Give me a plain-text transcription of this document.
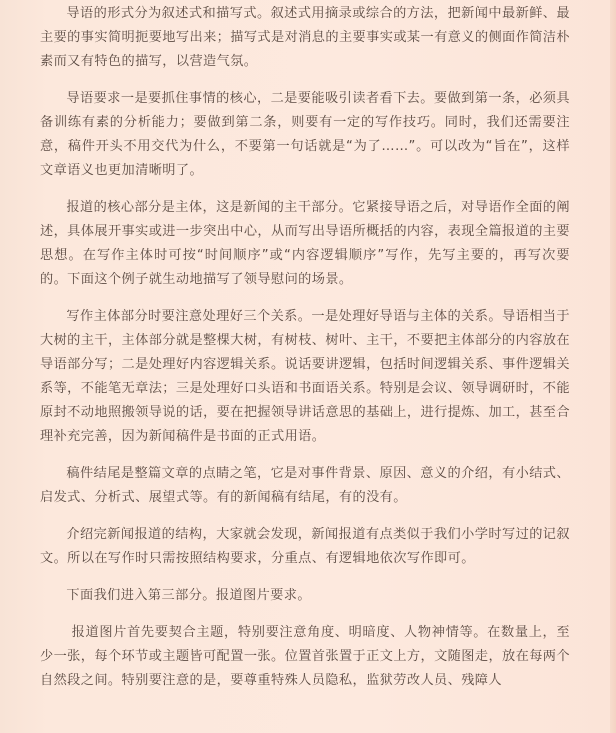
导语的形式分为叙述式和描写式。叙述式用摘录或综合的方法，把新闻中最新鲜、最主要的事实简明扼要地写出来；描写式是对消息的主要事实或某一有意义的侧面作简洁朴素而又有特色的描写，以营造气氛。

导语要求一是要抓住事情的核心，二是要能吸引读者看下去。要做到第一条，必须具备训练有素的分析能力；要做到第二条，则要有一定的写作技巧。同时，我们还需要注意，稿件开头不用交代为什么，不要第一句话就是“为了……”。可以改为“旨在”，这样文章语义也更加清晰明了。

报道的核心部分是主体，这是新闻的主干部分。它紧接导语之后，对导语作全面的阐述，具体展开事实或进一步突出中心，从而写出导语所概括的内容，表现全篇报道的主要思想。在写作主体时可按“时间顺序”或“内容逻辑顺序”写作，先写主要的，再写次要的。下面这个例子就生动地描写了领导慰问的场景。

写作主体部分时要注意处理好三个关系。一是处理好导语与主体的关系。导语相当于大树的主干，主体部分就是整棵大树，有树枝、树叶、主干，不要把主体部分的内容放在导语部分写；二是处理好内容逻辑关系。说话要讲逻辑，包括时间逻辑关系、事件逻辑关系等，不能笔无章法；三是处理好口头语和书面语关系。特别是会议、领导调研时，不能原封不动地照搬领导说的话，要在把握领导讲话意思的基础上，进行提炼、加工，甚至合理补充完善，因为新闻稿件是书面的正式用语。

稿件结尾是整篇文章的点睛之笔，它是对事件背景、原因、意义的介绍，有小结式、启发式、分析式、展望式等。有的新闻稿有结尾，有的没有。

介绍完新闻报道的结构，大家就会发现，新闻报道有点类似于我们小学时写过的记叙文。所以在写作时只需按照结构要求，分重点、有逻辑地依次写作即可。

下面我们进入第三部分。报道图片要求。

报道图片首先要契合主题，特别要注意角度、明暗度、人物神情等。在数量上，至少一张，每个环节或主题皆可配置一张。位置首张置于正文上方，文随图走，放在每两个自然段之间。特别要注意的是，要尊重特殊人员隐私，监狱劳改人员、残障人
